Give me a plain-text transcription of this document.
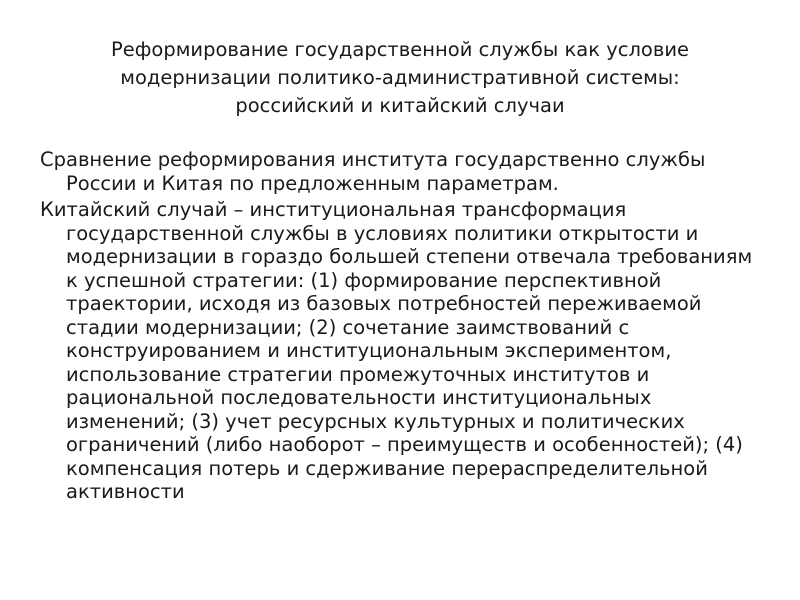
Реформирование государственной службы как условие модернизации политико-административной системы: российский и китайский случаи
Сравнение реформирования института государственно службы России и Китая по предложенным параметрам.
Китайский случай – институциональная трансформация государственной службы в условиях политики открытости и модернизации в гораздо большей степени отвечала требованиям к успешной стратегии: (1) формирование перспективной траектории, исходя из базовых потребностей переживаемой стадии модернизации; (2) сочетание заимствований с конструированием и институциональным экспериментом, использование стратегии промежуточных институтов и рациональной последовательности институциональных изменений; (3) учет ресурсных культурных и политических ограничений (либо наоборот – преимуществ и особенностей); (4) компенсация потерь и сдерживание перераспределительной активности
